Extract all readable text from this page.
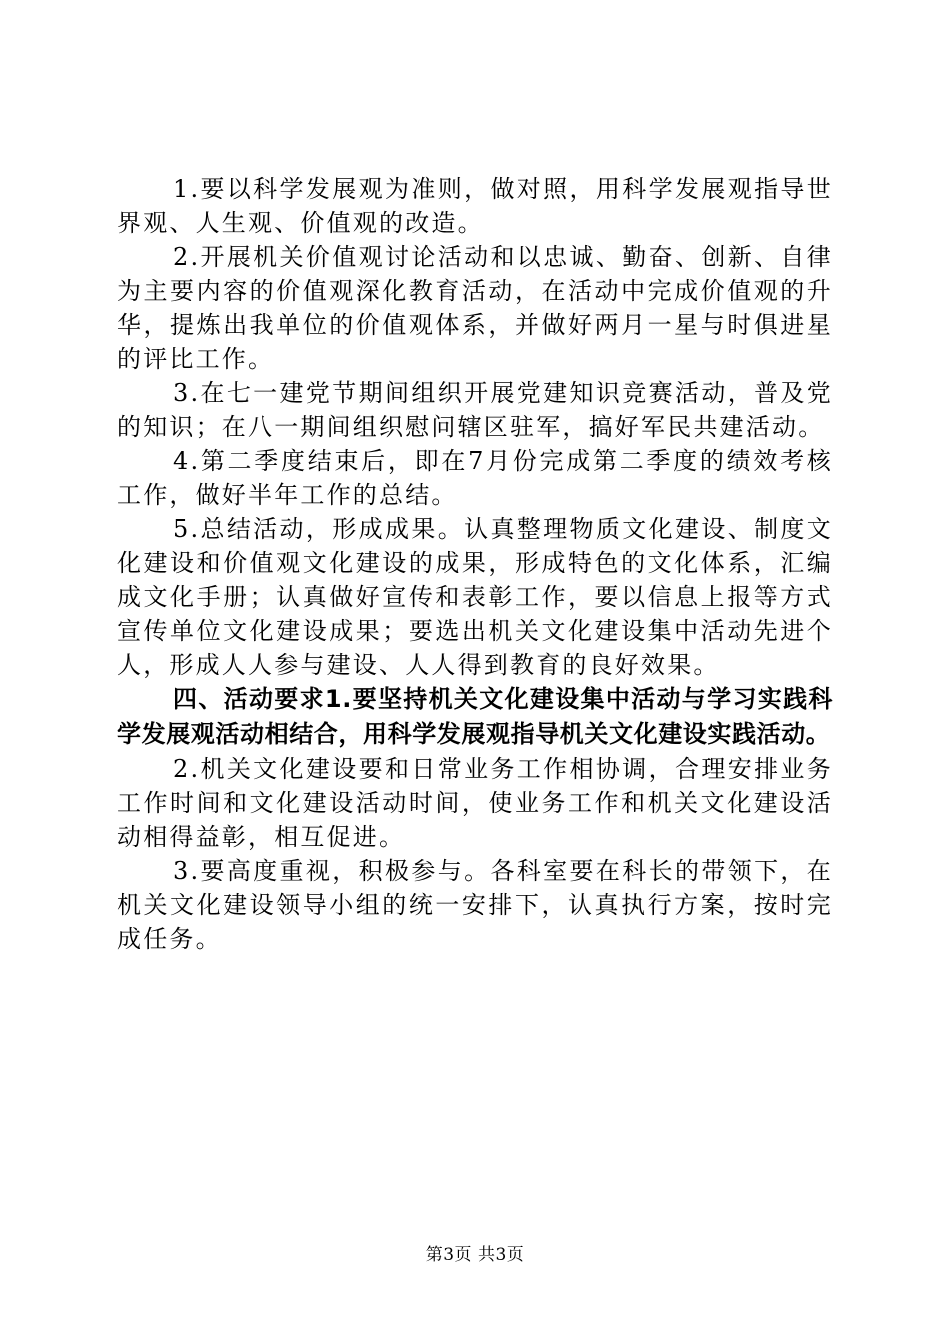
1.要以科学发展观为准则，做对照，用科学发展观指导世界观、人生观、价值观的改造。

2.开展机关价值观讨论活动和以忠诚、勤奋、创新、自律为主要内容的价值观深化教育活动，在活动中完成价值观的升华，提炼出我单位的价值观体系，并做好两月一星与时俱进星的评比工作。

3.在七一建党节期间组织开展党建知识竞赛活动，普及党的知识；在八一期间组织慰问辖区驻军，搞好军民共建活动。

4.第二季度结束后，即在7月份完成第二季度的绩效考核工作，做好半年工作的总结。

5.总结活动，形成成果。认真整理物质文化建设、制度文化建设和价值观文化建设的成果，形成特色的文化体系，汇编成文化手册；认真做好宣传和表彰工作，要以信息上报等方式宣传单位文化建设成果；要选出机关文化建设集中活动先进个人，形成人人参与建设、人人得到教育的良好效果。

四、活动要求1.要坚持机关文化建设集中活动与学习实践科学发展观活动相结合，用科学发展观指导机关文化建设实践活动。

2.机关文化建设要和日常业务工作相协调，合理安排业务工作时间和文化建设活动时间，使业务工作和机关文化建设活动相得益彰，相互促进。

3.要高度重视，积极参与。各科室要在科长的带领下，在机关文化建设领导小组的统一安排下，认真执行方案，按时完成任务。

第3页 共3页
